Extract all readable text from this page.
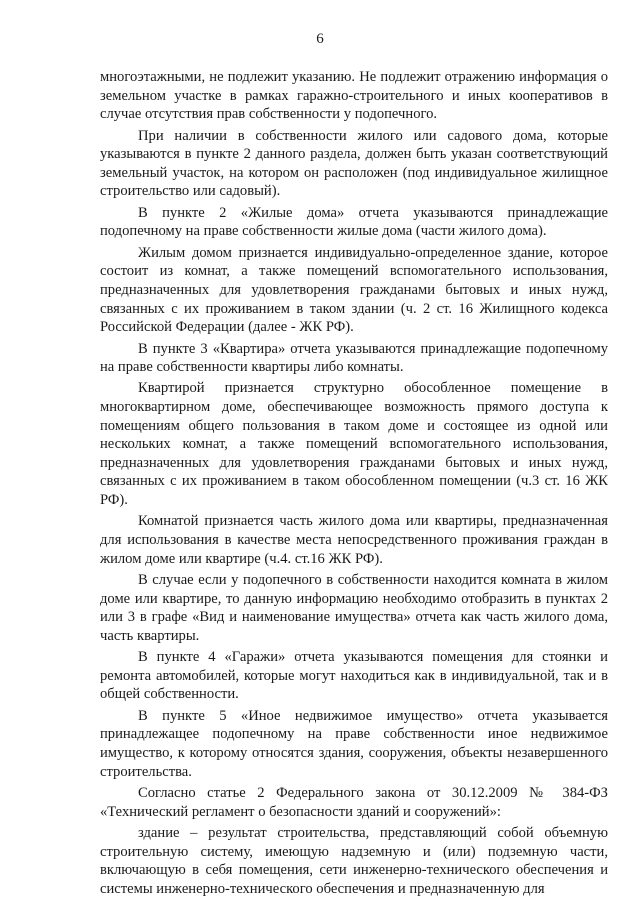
6

многоэтажными, не подлежит указанию. Не подлежит отражению информация о земельном участке в рамках гаражно-строительного и иных кооперативов в случае отсутствия прав собственности у подопечного.

При наличии в собственности жилого или садового дома, которые указываются в пункте 2 данного раздела, должен быть указан соответствующий земельный участок, на котором он расположен (под индивидуальное жилищное строительство или садовый).

В пункте 2 «Жилые дома» отчета указываются принадлежащие подопечному на праве собственности жилые дома (части жилого дома).

Жилым домом признается индивидуально-определенное здание, которое состоит из комнат, а также помещений вспомогательного использования, предназначенных для удовлетворения гражданами бытовых и иных нужд, связанных с их проживанием в таком здании (ч. 2 ст. 16 Жилищного кодекса Российской Федерации (далее - ЖК РФ).

В пункте 3 «Квартира» отчета указываются принадлежащие подопечному на праве собственности квартиры либо комнаты.

Квартирой признается структурно обособленное помещение в многоквартирном доме, обеспечивающее возможность прямого доступа к помещениям общего пользования в таком доме и состоящее из одной или нескольких комнат, а также помещений вспомогательного использования, предназначенных для удовлетворения гражданами бытовых и иных нужд, связанных с их проживанием в таком обособленном помещении (ч.3 ст. 16 ЖК РФ).

Комнатой признается часть жилого дома или квартиры, предназначенная для использования в качестве места непосредственного проживания граждан в жилом доме или квартире (ч.4. ст.16 ЖК РФ).

В случае если у подопечного в собственности находится комната в жилом доме или квартире, то данную информацию необходимо отобразить в пунктах 2 или 3 в графе «Вид и наименование имущества» отчета как часть жилого дома, часть квартиры.

В пункте 4 «Гаражи» отчета указываются помещения для стоянки и ремонта автомобилей, которые могут находиться как в индивидуальной, так и в общей собственности.

В пункте 5 «Иное недвижимое имущество» отчета указывается принадлежащее подопечному на праве собственности иное недвижимое имущество, к которому относятся здания, сооружения, объекты незавершенного строительства.

Согласно статье 2 Федерального закона от 30.12.2009 № 384-ФЗ «Технический регламент о безопасности зданий и сооружений»:

здание – результат строительства, представляющий собой объемную строительную систему, имеющую надземную и (или) подземную части, включающую в себя помещения, сети инженерно-технического обеспечения и системы инженерно-технического обеспечения и предназначенную для
